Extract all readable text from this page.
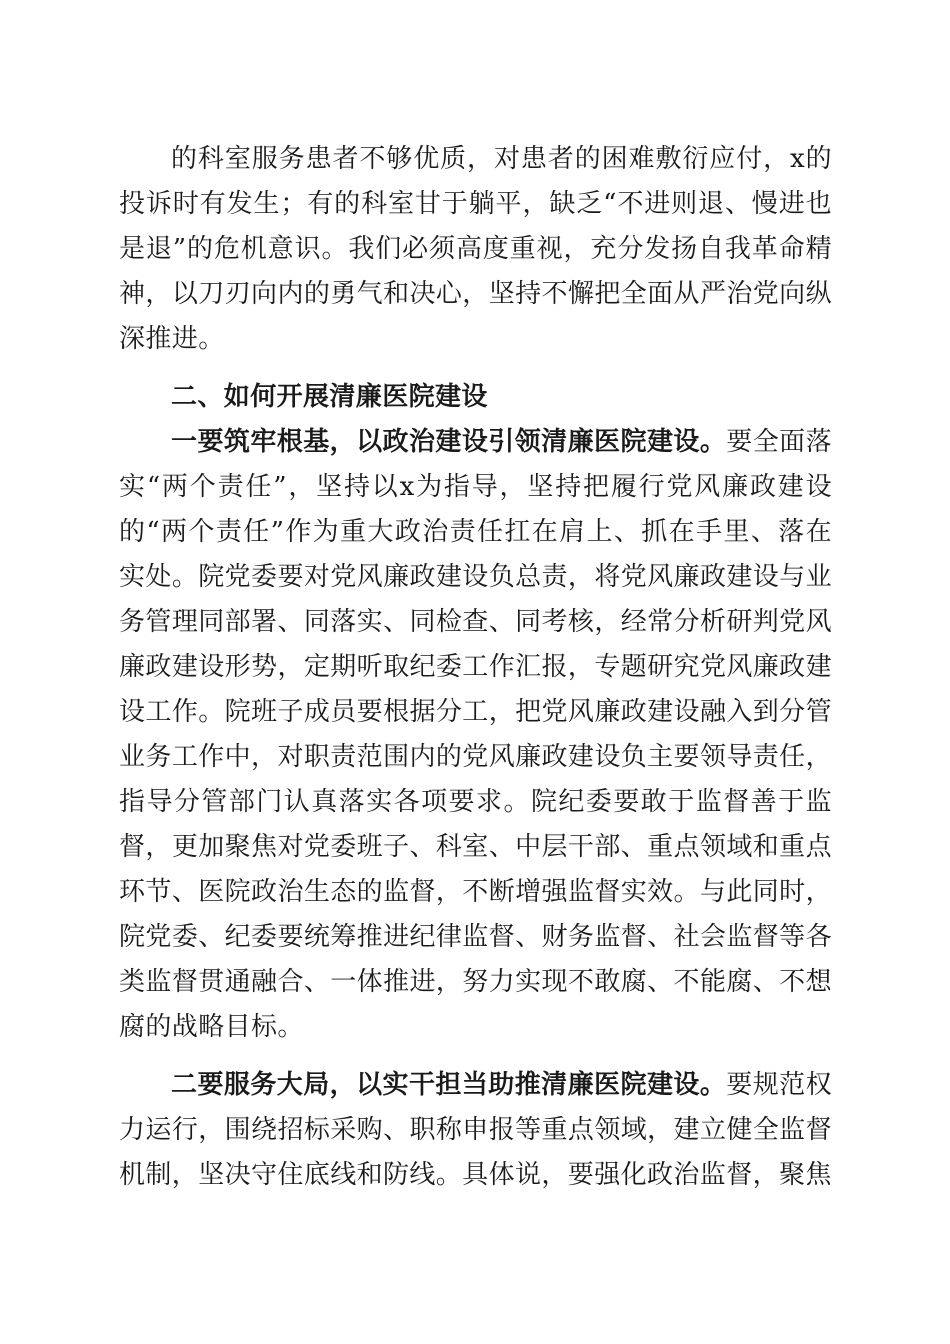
的科室服务患者不够优质，对患者的困难敷衍应付，x的投诉时有发生；有的科室甘于躺平，缺乏“不进则退、慢进也是退”的危机意识。我们必须高度重视，充分发扬自我革命精神，以刀刃向内的勇气和决心，坚持不懈把全面从严治党向纵深推进。

二、如何开展清廉医院建设

一要筑牢根基，以政治建设引领清廉医院建设。要全面落实“两个责任”，坚持以x为指导，坚持把履行党风廉政建设的“两个责任”作为重大政治责任扛在肩上、抓在手里、落在实处。院党委要对党风廉政建设负总责，将党风廉政建设与业务管理同部署、同落实、同检查、同考核，经常分析研判党风廉政建设形势，定期听取纪委工作汇报，专题研究党风廉政建设工作。院班子成员要根据分工，把党风廉政建设融入到分管业务工作中，对职责范围内的党风廉政建设负主要领导责任，指导分管部门认真落实各项要求。院纪委要敢于监督善于监督，更加聚焦对党委班子、科室、中层干部、重点领域和重点环节、医院政治生态的监督，不断增强监督实效。与此同时，院党委、纪委要统筹推进纪律监督、财务监督、社会监督等各类监督贯通融合、一体推进，努力实现不敢腐、不能腐、不想腐的战略目标。

二要服务大局，以实干担当助推清廉医院建设。要规范权力运行，围绕招标采购、职称申报等重点领域，建立健全监督机制，坚决守住底线和防线。具体说，要强化政治监督，聚焦
